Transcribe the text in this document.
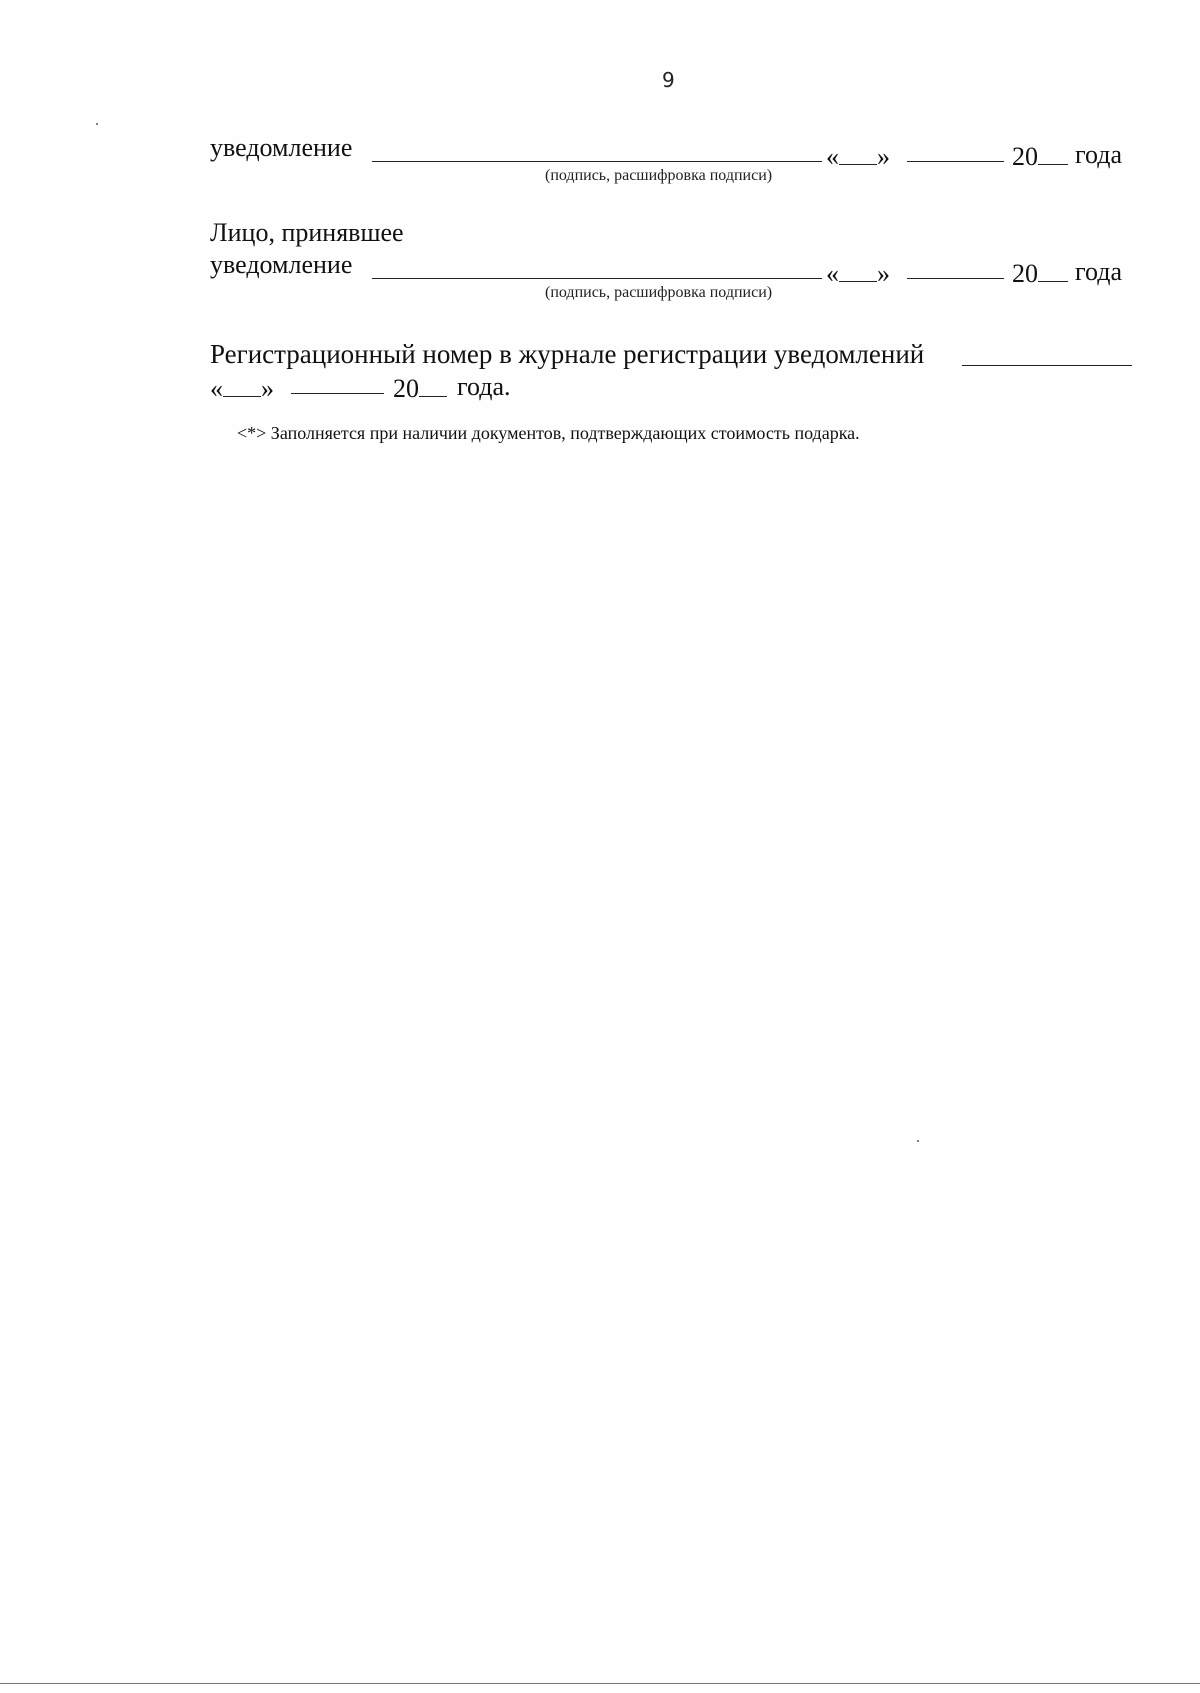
9
уведомление	« »	20	года
(подпись, расшифровка подписи)
Лицо, принявшее
уведомление	« »	20	года
(подпись, расшифровка подписи)
Регистрационный номер в журнале регистрации уведомлений
« »	20	года.
<*> Заполняется при наличии документов, подтверждающих стоимость подарка.
